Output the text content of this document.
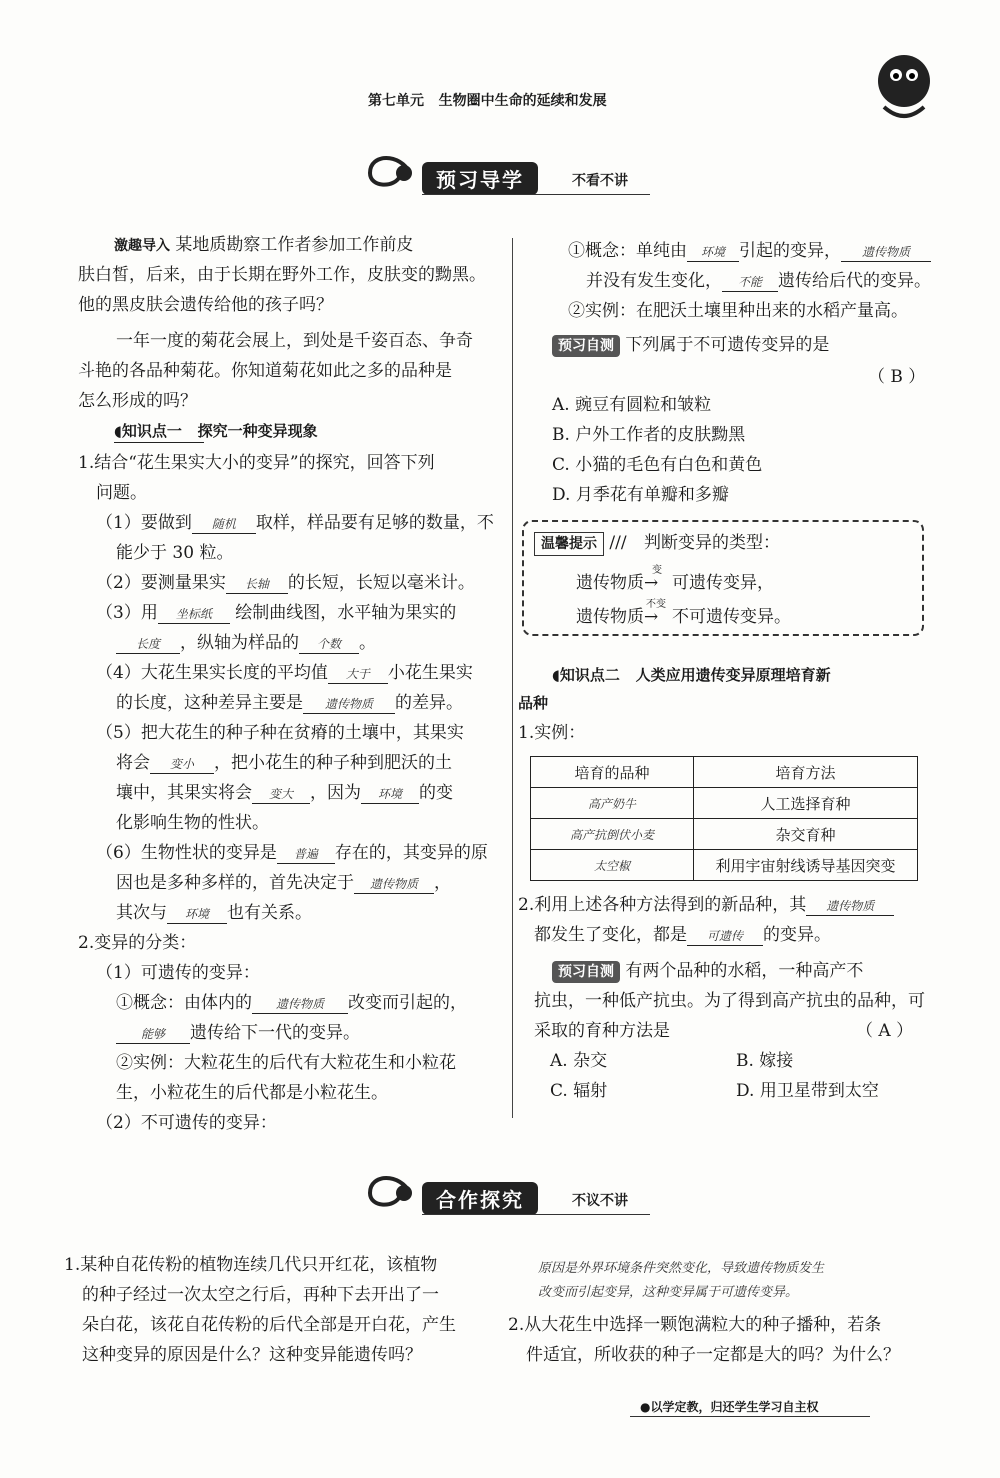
第七单元 生物圈中生命的延续和发展
预习导学	不看不讲
激趣导入 某地质勘察工作者参加工作前皮
肤白皙，后来，由于长期在野外工作，皮肤变的黝黑。
他的黑皮肤会遗传给他的孩子吗？
一年一度的菊花会展上，到处是千姿百态、争奇
斗艳的各品种菊花。你知道菊花如此之多的品种是
怎么形成的吗？
◖知识点一 探究一种变异现象
1.结合“花生果实大小的变异”的探究，回答下列
问题。
（1）要做到 随机 取样，样品要有足够的数量，不
能少于 30 粒。
（2）要测量果实 长轴 的长短，长短以毫米计。
（3）用 坐标纸 绘制曲线图，水平轴为果实的
长度 ，纵轴为样品的 个数 。
（4）大花生果实长度的平均值 大于 小花生果实
的长度，这种差异主要是 遗传物质 的差异。
（5）把大花生的种子种在贫瘠的土壤中，其果实
将会 变小 ，把小花生的种子种到肥沃的土
壤中，其果实将会 变大 ，因为 环境 的变
化影响生物的性状。
（6）生物性状的变异是 普遍 存在的，其变异的原
因也是多种多样的，首先决定于 遗传物质 ，
其次与 环境 也有关系。
2.变异的分类：
（1）可遗传的变异：
①概念：由体内的 遗传物质 改变而引起的，
能够 遗传给下一代的变异。
②实例：大粒花生的后代有大粒花生和小粒花
生，小粒花生的后代都是小粒花生。
（2）不可遗传的变异：
①概念：单纯由 环境 引起的变异， 遗传物质
并没有发生变化， 不能 遗传给后代的变异。
②实例：在肥沃土壤里种出来的水稻产量高。
预习自测 下列属于不可遗传变异的是
（ B ）
A. 豌豆有圆粒和皱粒
B. 户外工作者的皮肤黝黑
C. 小猫的毛色有白色和黄色
D. 月季花有单瓣和多瓣
温馨提示 /// 判断变异的类型：
遗传物质
变
→ 可遗传变异，
遗传物质
不变
→ 不可遗传变异。
◖知识点二 人类应用遗传变异原理培育新
品种
1.实例：
培育的品种	培育方法
高产奶牛	人工选择育种
高产抗倒伏小麦	杂交育种
太空椒	利用宇宙射线诱导基因突变
2.利用上述各种方法得到的新品种，其 遗传物质
都发生了变化，都是 可遗传 的变异。
预习自测 有两个品种的水稻，一种高产不
抗虫，一种低产抗虫。为了得到高产抗虫的品种，可
采取的育种方法是	（ A ）
A. 杂交	B. 嫁接
C. 辐射	D. 用卫星带到太空
合作探究	不议不讲
1.某种自花传粉的植物连续几代只开红花，该植物
的种子经过一次太空之行后，再种下去开出了一
朵白花，该花自花传粉的后代全部是开白花，产生
这种变异的原因是什么？这种变异能遗传吗？
原因是外界环境条件突然变化，导致遗传物质发生
改变而引起变异，这种变异属于可遗传变异。
2.从大花生中选择一颗饱满粒大的种子播种，若条
件适宜，所收获的种子一定都是大的吗？为什么？
●以学定教，归还学生学习自主权
